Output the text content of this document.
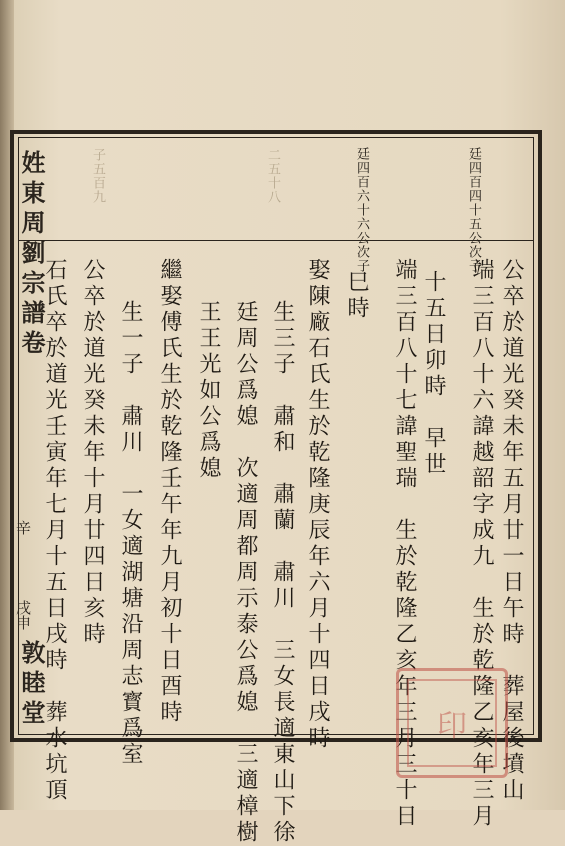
子五百九	二五十八
姓東周劉宗譜卷	廷四百四十五公次子
廷四百六十六公次子
公卒於道光癸未年五月廿一日午時　葬屋後墳山
端三百八十六諱越韶字成九　生於乾隆乙亥年三月
十五日卯時　早世
端三百八十七諱聖瑞　生於乾隆乙亥年三月三十日
巳時
娶陳廠石氏生於乾隆庚辰年六月十四日戌時
生三子　肅和　肅蘭　肅川　三女長適東山下徐
廷周公爲媳　次適周都周示泰公爲媳　三適樟樹
王王光如公爲媳
繼娶傅氏生於乾隆壬午年九月初十日酉時
生一子　肅川　一女適湖塘沿周志寳爲室
公卒於道光癸未年十月廿四日亥時
石氏卒於道光壬寅年七月十五日戌時　葬水坑頂
辛
戌申
敦睦堂	印
